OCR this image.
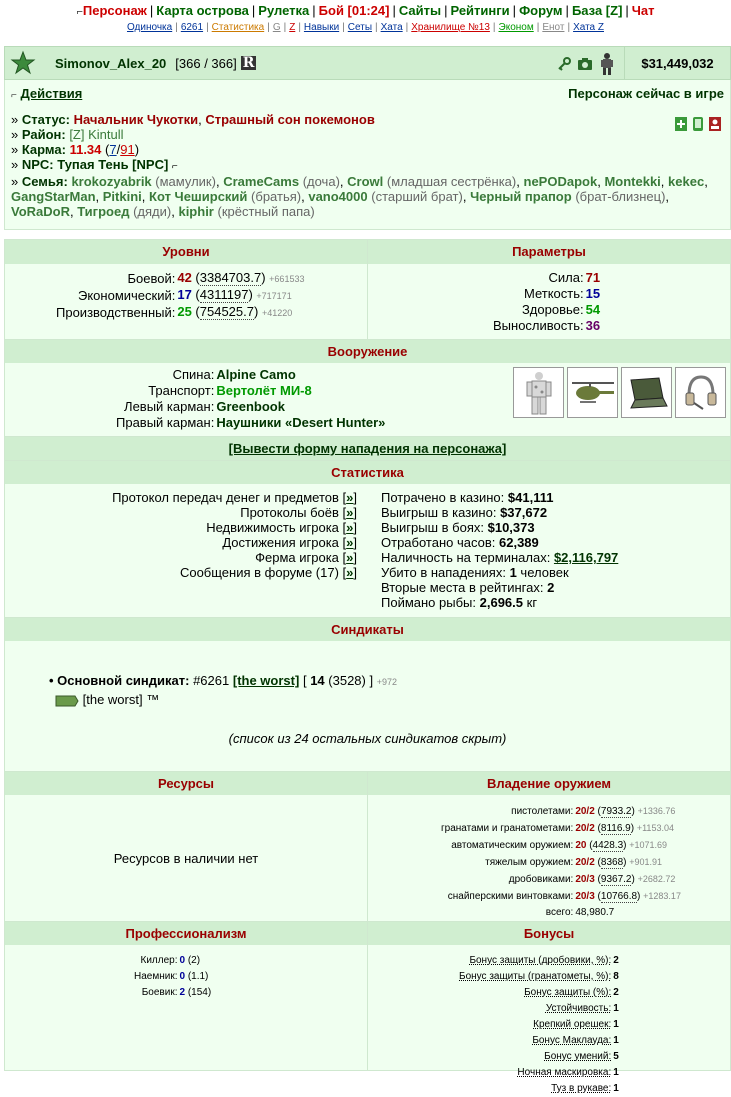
⌐Персонаж | Карта острова | Рулетка | Бой [01:24] | Сайты | Рейтинги | Форум | База [Z] | Чат
Одиночка | 6261 | Статистика | G | Z | Навыки | Сеты | Хата | Хранилище №13 | Эконом | Енот | Хата Z
Simonov_Alex_20 [366 / 366] R	$31,449,032
⌐ Действия	Персонаж сейчас в игре
» Статус: Начальник Чукотки, Страшный сон покемонов
» Район: [Z] Kintull
» Карма: 11.34 (7/91)
» NPC: Тупая Тень [NPC] ⌐
» Семья: krokozyabrik (мамулик), CrameCams (доча), Crowl (младшая сестрёнка), nePODapok, Montekki, kekec, GangStarMan, Pitkini, Кот Чеширский (братья), vano4000 (старший брат), Черный прапор (брат-близнец), VoRaDoR, Тигроед (дяди), kiphir (крёстный папа)
Уровни
Боевой:	42 (3384703.7) +661533
Экономический:	17 (4311197) +717171
Производственный:	25 (754525.7) +41220
Параметры
Сила:	71
Меткость:	15
Здоровье:	54
Выносливость:	36
Вооружение
Спина:	Alpine Camo
Транспорт:	Вертолёт МИ-8
Левый карман:	Greenbook
Правый карман:	Наушники «Desert Hunter»
[Вывести форму нападения на персонажа]
Статистика
Протокол передач денег и предметов [»]
Протоколы боёв [»]
Недвижимость игрока [»]
Достижения игрока [»]
Ферма игрока [»]
Сообщения в форуме (17) [»]
Потрачено в казино: $41,111
Выигрыш в казино: $37,672
Выигрыш в боях: $10,373
Отработано часов: 62,389
Наличность на терминалах: $2,116,797
Убито в нападениях: 1 человек
Вторые места в рейтингах: 2
Поймано рыбы: 2,696.5 кг
Синдикаты
• Основной синдикат: #6261 [the worst] [ 14 (3528) ] +972
[the worst] ™
(список из 24 остальных синдикатов скрыт)
Ресурсы
Ресурсов в наличии нет
Владение оружием
пистолетами:	20/2 (7933.2) +1336.76
гранатами и гранатометами:	20/2 (8116.9) +1153.04
автоматическим оружием:	20 (4428.3) +1071.69
тяжелым оружием:	20/2 (8368) +901.91
дробовиками:	20/3 (9367.2) +2682.72
снайперскими винтовками:	20/3 (10766.8) +1283.17
всего:	48,980.7
Профессионализм
Киллер:	0 (2)
Наемник:	0 (1.1)
Боевик:	2 (154)
Бонусы
Бонус защиты (дробовики, %):	2
Бонус защиты (гранатометы, %):	8
Бонус защиты (%):	2
Устойчивость:	1
Крепкий орешек:	1
Бонус Маклауда:	1
Бонус умений:	5
Ночная маскировка:	1
Туз в рукаве:	1
